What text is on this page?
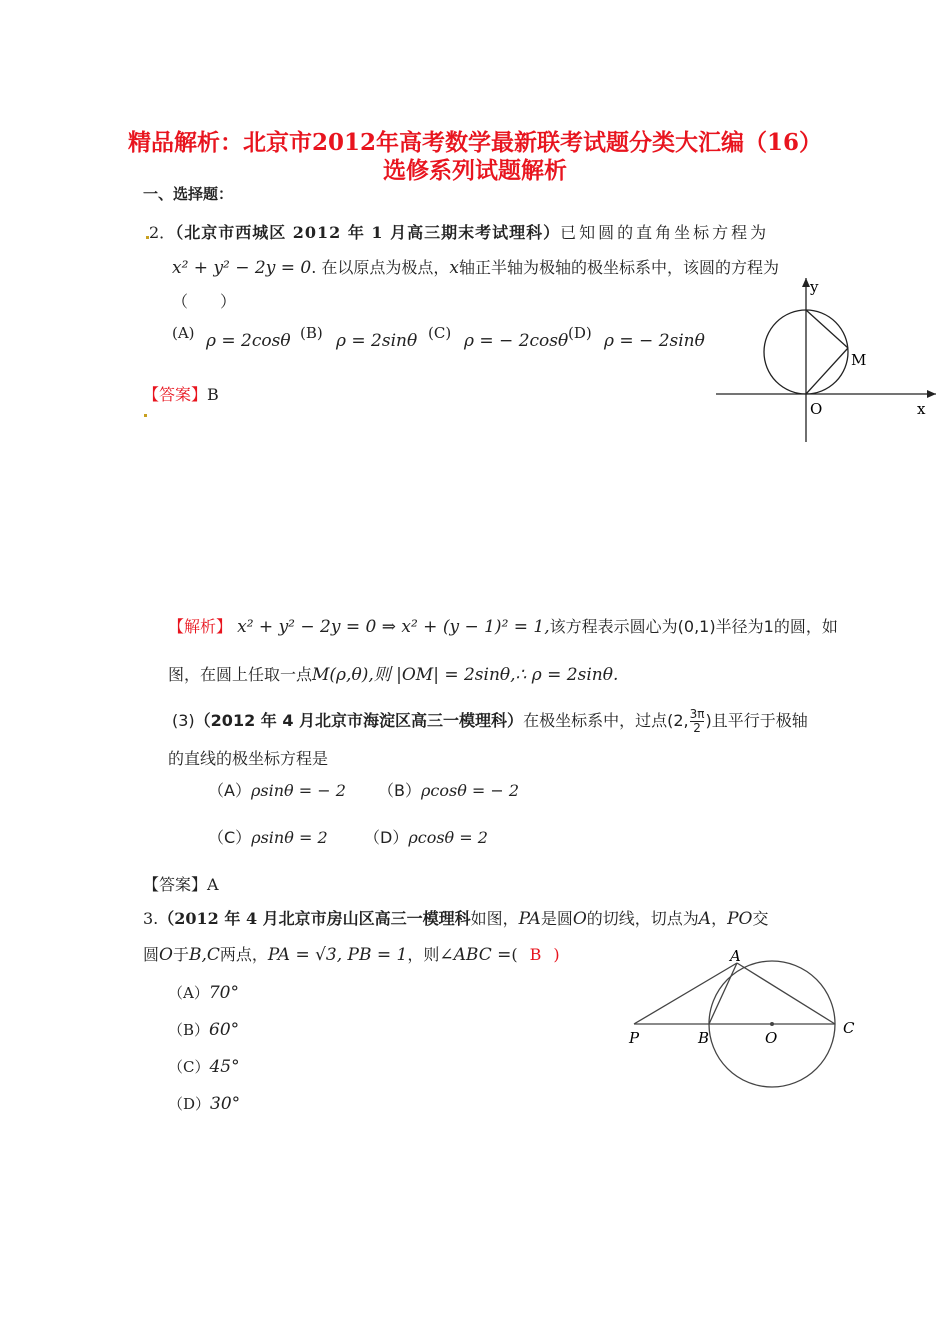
精品解析：北京市2012年高考数学最新联考试题分类大汇编（16）
选修系列试题解析
一、选择题：
2．（北京市西城区 2012 年 1 月高三期末考试理科）已知圆的直角坐标方程为
x² + y² − 2y = 0. 在以原点为极点，x轴正半轴为极轴的极坐标系中，该圆的方程为
（　　）
(A) ρ = 2cosθ (B) ρ = 2sinθ (C) ρ = − 2cosθ (D) ρ = − 2sinθ
【答案】B
y
x
O
M
【解析】 x² + y² − 2y = 0 ⇒ x² + (y − 1)² = 1,该方程表示圆心为(0,1)半径为1的圆，如
图，在圆上任取一点M(ρ,θ),则 |OM| = 2sinθ,∴ ρ = 2sinθ.
(3)（2012 年 4 月北京市海淀区高三一模理科）在极坐标系中，过点(2, $\frac{3\pi}{2}$ )且平行于极轴
的直线的极坐标方程是
（A）ρsinθ = − 2 （B）ρcosθ = − 2
（C）ρsinθ = 2 （D）ρcosθ = 2
【答案】A
3.（2012 年 4 月北京市房山区高三一模理科如图，PA是圆O的切线，切点为A，PO交
圆O于B,C两点，PA = √3, PB = 1，则∠ABC =( B )
（A）70°
（B）60°
（C）45°
（D）30°
A
P	B	O
C
